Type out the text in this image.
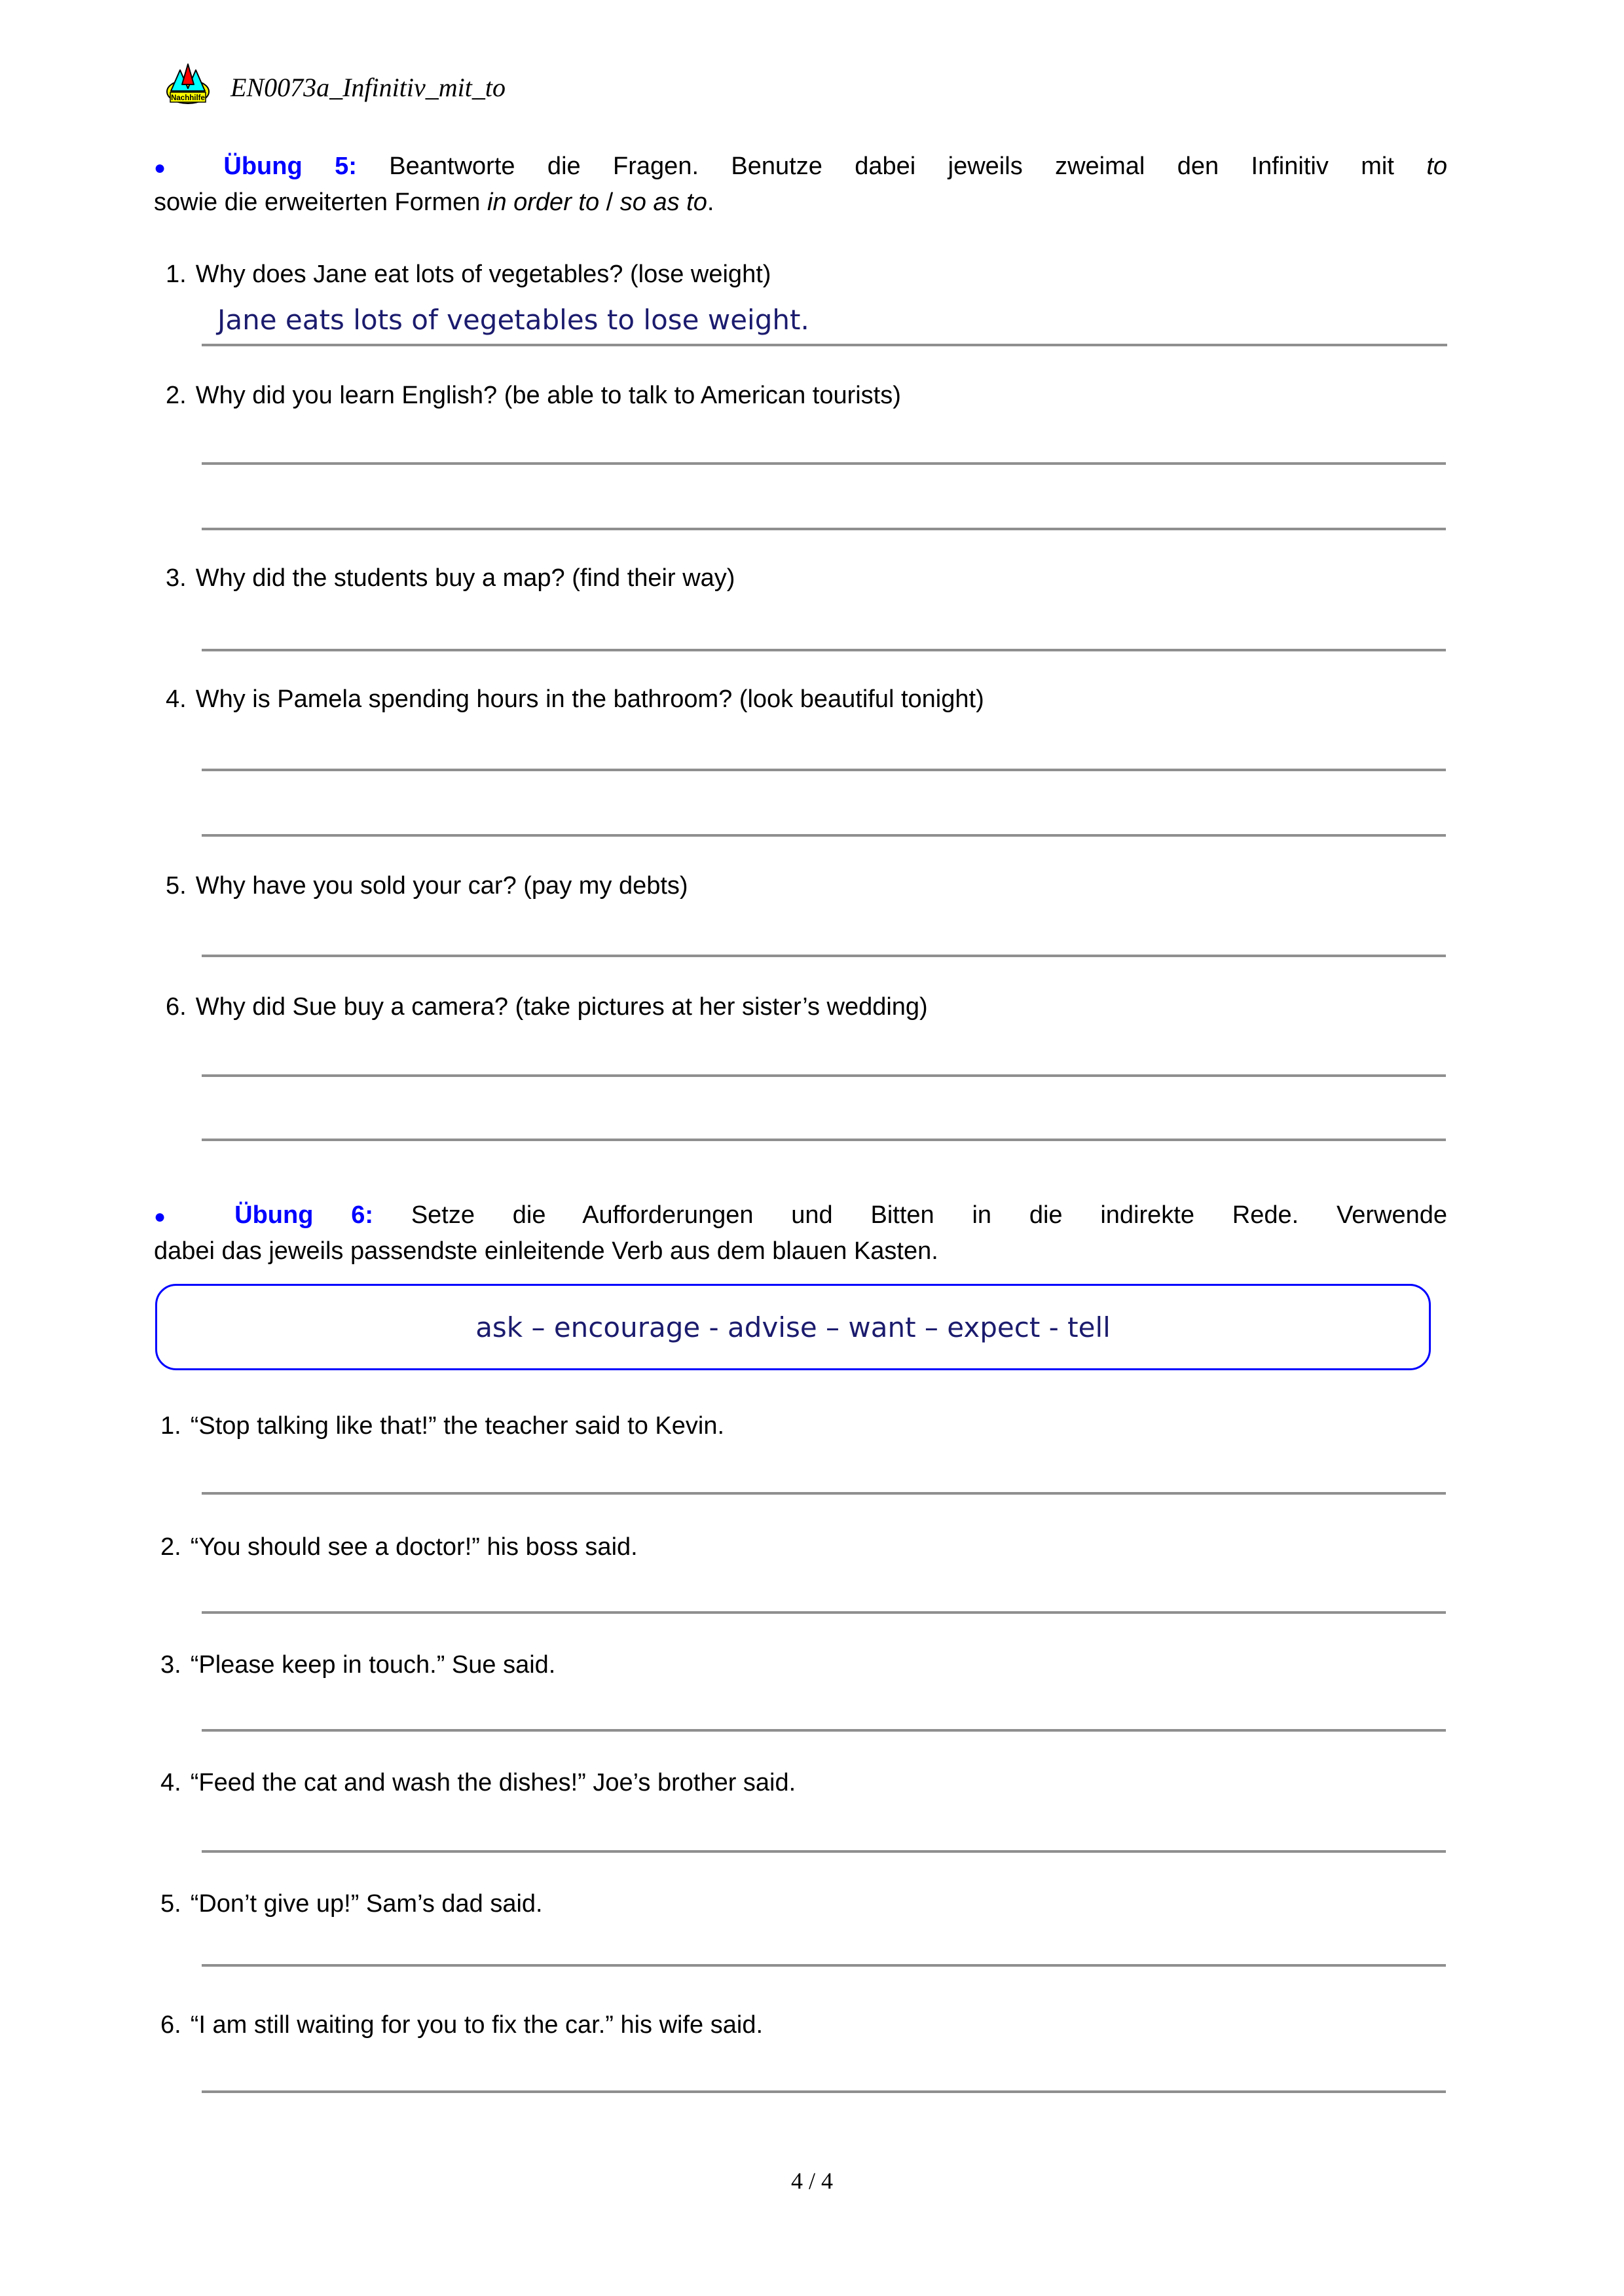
Nachhilfe EN0073a_Infinitiv_mit_to
● Übung 5: Beantworte die Fragen. Benutze dabei jeweils zweimal den Infinitiv mit to
sowie die erweiterten Formen in order to / so as to.
1. Why does Jane eat lots of vegetables? (lose weight)
Jane eats lots of vegetables to lose weight.
2. Why did you learn English? (be able to talk to American tourists)
3. Why did the students buy a map? (find their way)
4. Why is Pamela spending hours in the bathroom? (look beautiful tonight)
5. Why have you sold your car? (pay my debts)
6. Why did Sue buy a camera? (take pictures at her sister’s wedding)
● Übung 6: Setze die Aufforderungen und Bitten in die indirekte Rede. Verwende
dabei das jeweils passendste einleitende Verb aus dem blauen Kasten.
ask – encourage - advise – want – expect - tell
1. “Stop talking like that!” the teacher said to Kevin.
2. “You should see a doctor!” his boss said.
3. “Please keep in touch.” Sue said.
4. “Feed the cat and wash the dishes!” Joe’s brother said.
5. “Don’t give up!” Sam’s dad said.
6. “I am still waiting for you to fix the car.” his wife said.
4 / 4
